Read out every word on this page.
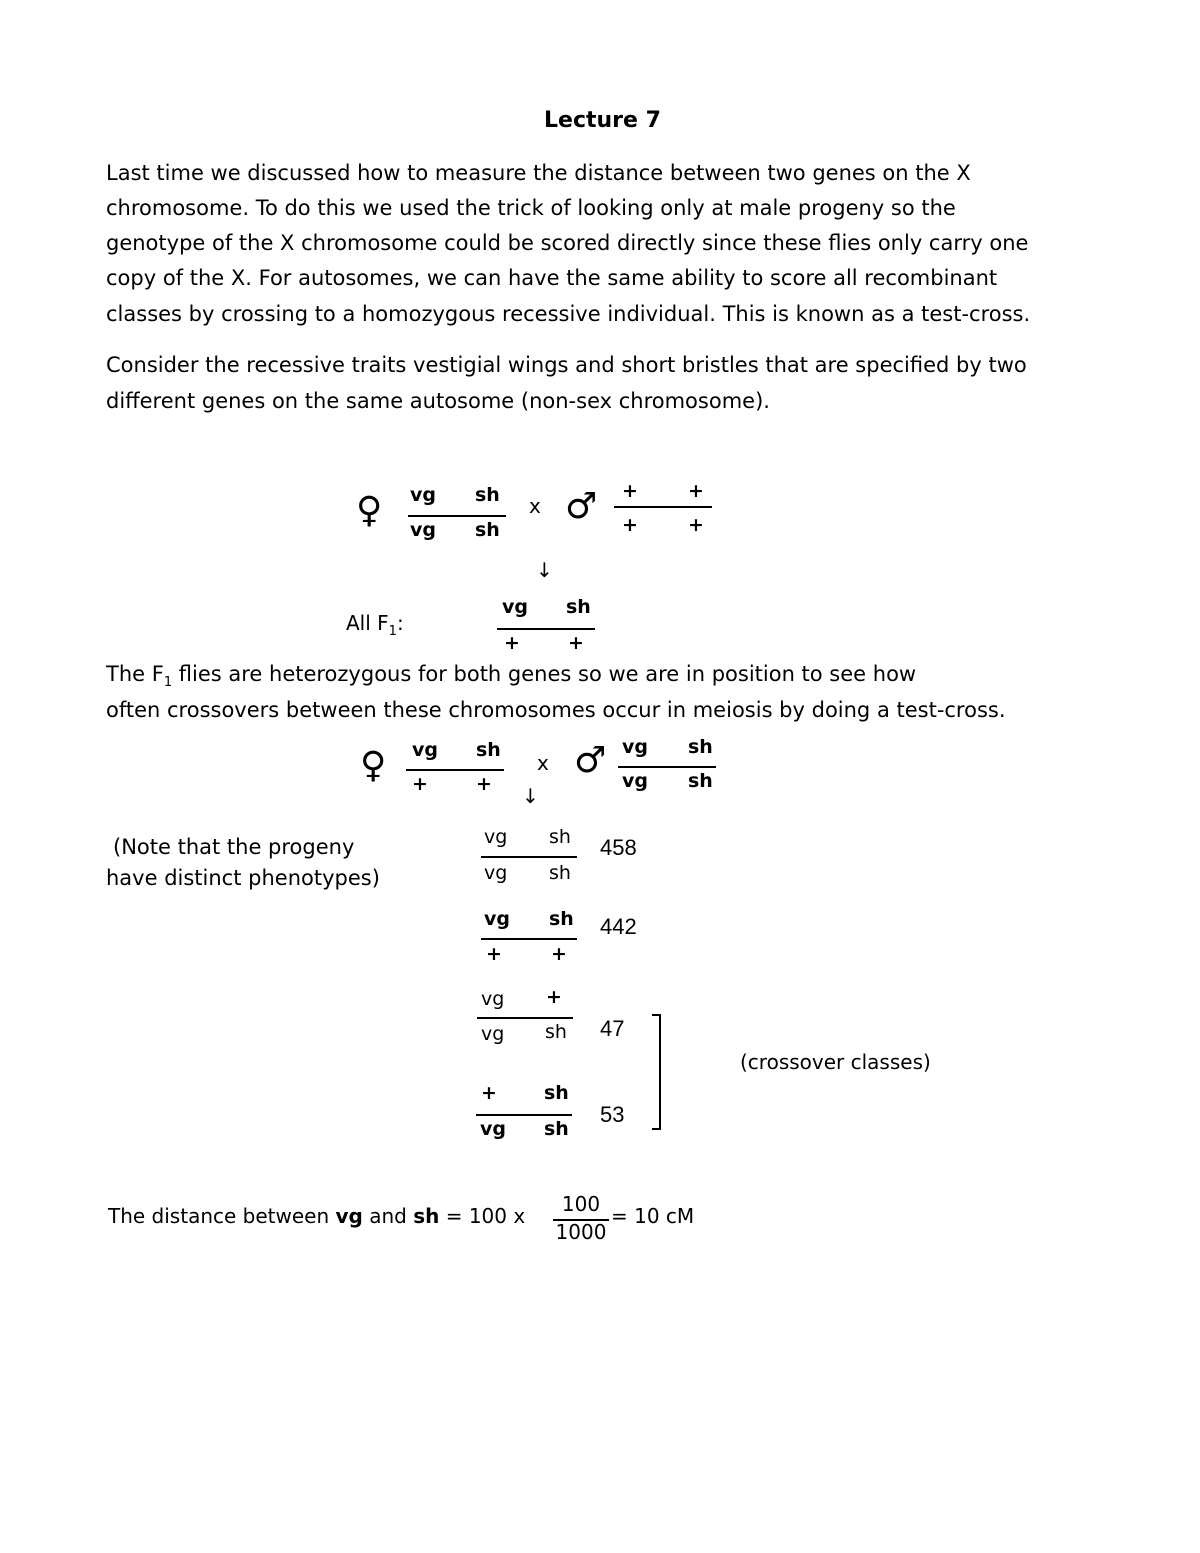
Lecture 7
Last time we discussed how to measure the distance between two genes on the X
chromosome. To do this we used the trick of looking only at male progeny so the
genotype of the X chromosome could be scored directly since these flies only carry one
copy of the X. For autosomes, we can have the same ability to score all recombinant
classes by crossing to a homozygous recessive individual. This is known as a test-cross.
Consider the recessive traits vestigial wings and short bristles that are specified by two
different genes on the same autosome (non-sex chromosome).
♀ vg sh
vg sh
x ♂ +	+
+	+
↓
All $F_1$:
vg sh
+	+
The $F_1$ flies are heterozygous for both genes so we are in position to see how
often crossovers between these chromosomes occur in meiosis by doing a test-cross.
♀ vg sh
+	+
x ♂ vg sh
vg sh
↓
(Note that the progeny
have distinct phenotypes)
vg sh
vg sh
458
vg sh
+	+
442
vg +
vg sh 47
+ sh
vg sh
53
(crossover classes)
The distance between vg and sh = 100 x	100
1000
= 10 cM
